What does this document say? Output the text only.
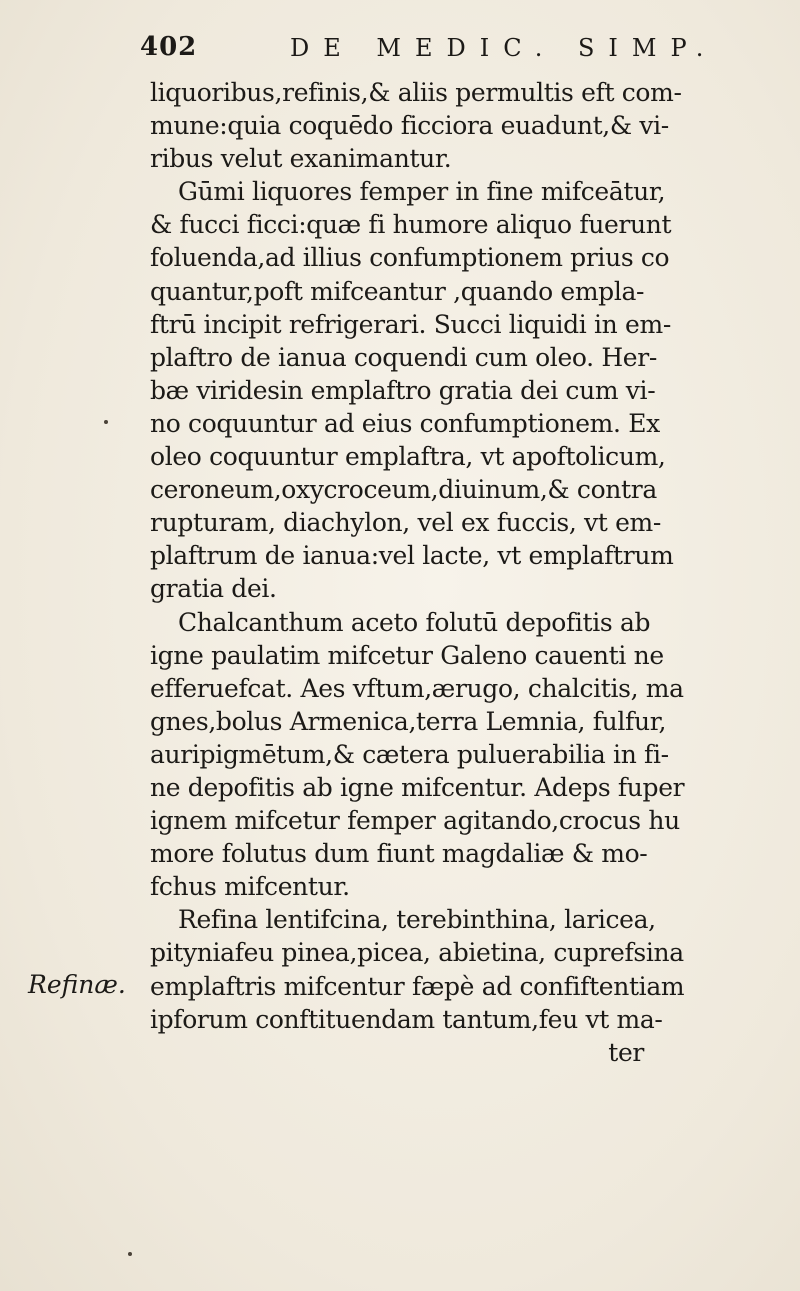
402	DE MEDIC. SIMP.
Refinæ.
liquoribus,refinis,& aliis permultis eft com-
mune:quia coquēdo ficciora euadunt,& vi-
ribus velut exanimantur.
Gūmi liquores femper in fine mifceātur,
& fucci ficci:quæ fi humore aliquo fuerunt
foluenda,ad illius confumptionem prius co
quantur,poft mifceantur ,quando empla-
ftrū incipit refrigerari. Succi liquidi in em-
plaftro de ianua coquendi cum oleo. Her-
bæ viridesin emplaftro gratia dei cum vi-
no coquuntur ad eius confumptionem. Ex
oleo coquuntur emplaftra, vt apoftolicum,
ceroneum,oxycroceum,diuinum,& contra
rupturam, diachylon, vel ex fuccis, vt em-
plaftrum de ianua:vel lacte, vt emplaftrum
gratia dei.
Chalcanthum aceto folutū depofitis ab
igne paulatim mifcetur Galeno cauenti ne
efferuefcat. Aes vftum,ærugo, chalcitis, ma
gnes,bolus Armenica,terra Lemnia, fulfur,
auripigmētum,& cætera puluerabilia in fi-
ne depofitis ab igne mifcentur. Adeps fuper
ignem mifcetur femper agitando,crocus hu
more folutus dum fiunt magdaliæ & mo-
fchus mifcentur.
Refina lentifcina, terebinthina, laricea,
pityniafeu pinea,picea, abietina, cuprefsina
emplaftris mifcentur fæpè ad confiftentiam
ipforum conftituendam tantum,feu vt ma-
ter
